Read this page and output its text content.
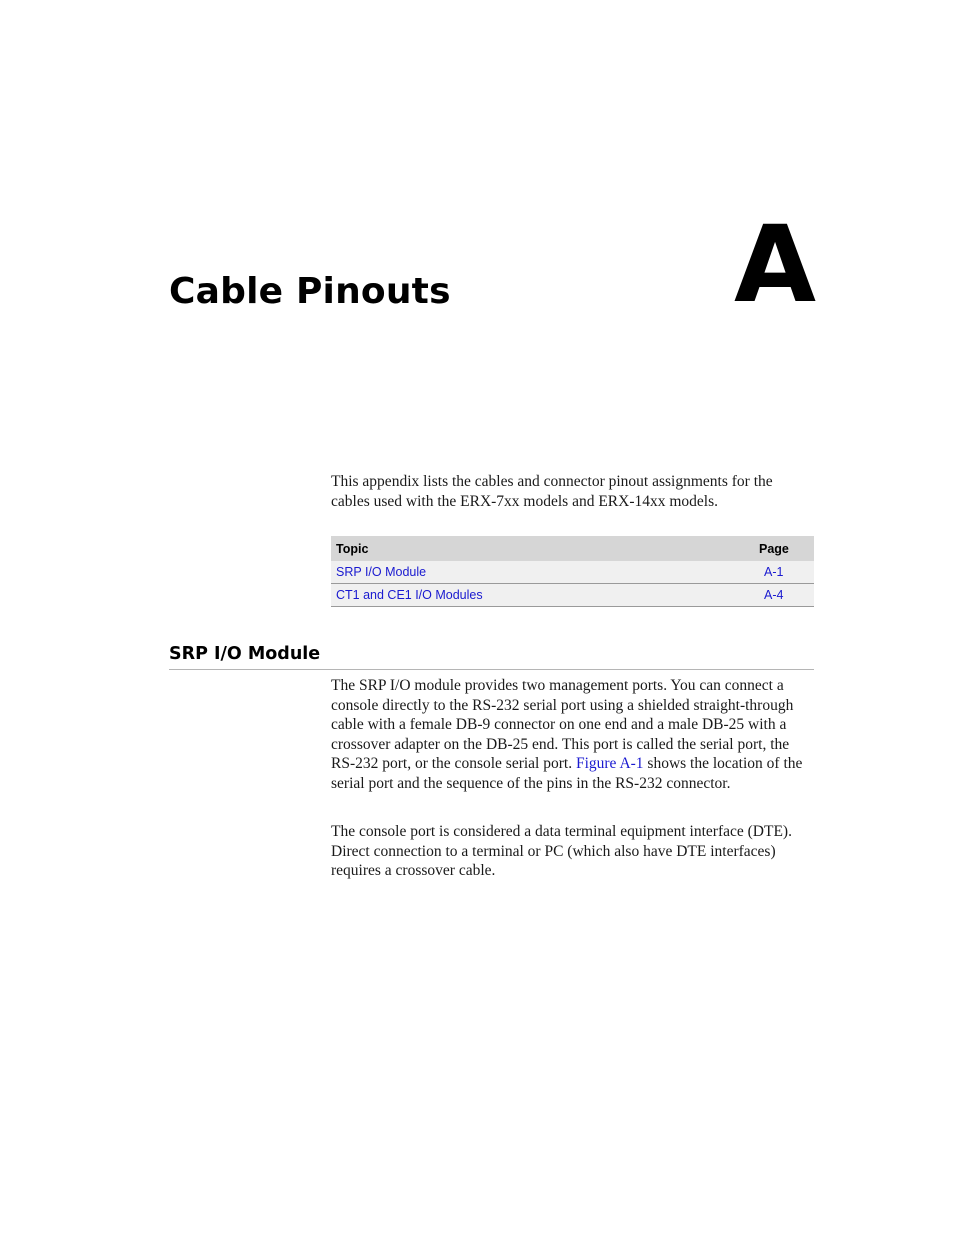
Cable Pinouts	A

This appendix lists the cables and connector pinout assignments for the cables used with the ERX-7xx models and ERX-14xx models.

Topic	Page
SRP I/O Module	A-1
CT1 and CE1 I/O Modules	A-4
SRP I/O Module

The SRP I/O module provides two management ports. You can connect a console directly to the RS-232 serial port using a shielded straight-through cable with a female DB-9 connector on one end and a male DB-25 with a crossover adapter on the DB-25 end. This port is called the serial port, the RS-232 port, or the console serial port. Figure A-1 shows the location of the serial port and the sequence of the pins in the RS-232 connector.

The console port is considered a data terminal equipment interface (DTE). Direct connection to a terminal or PC (which also have DTE interfaces) requires a crossover cable.
